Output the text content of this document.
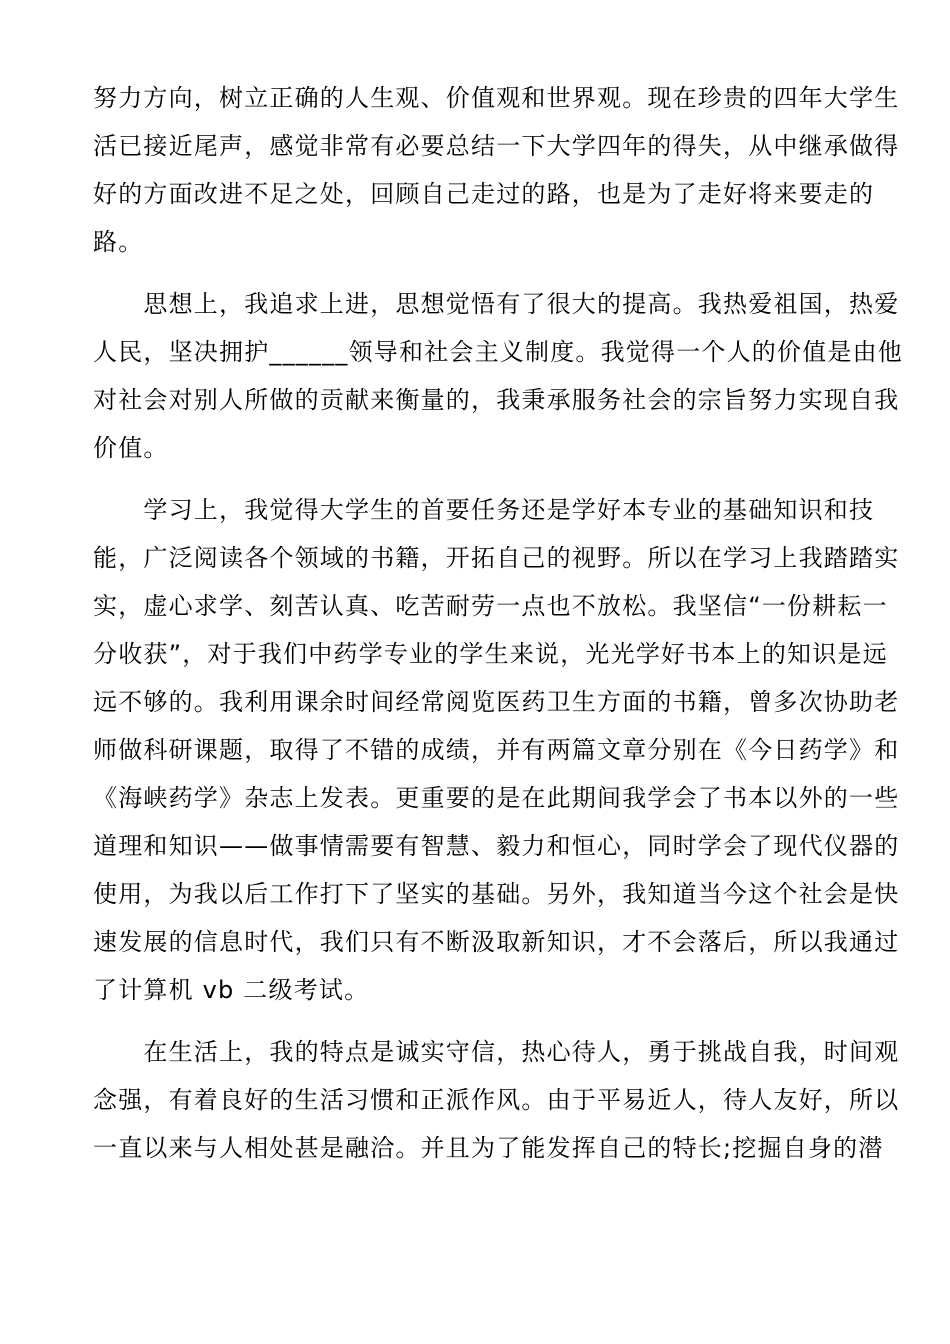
努力方向，树立正确的人生观、价值观和世界观。现在珍贵的四年大学生
活已接近尾声，感觉非常有必要总结一下大学四年的得失，从中继承做得
好的方面改进不足之处，回顾自己走过的路，也是为了走好将来要走的
路。
　　思想上，我追求上进，思想觉悟有了很大的提高。我热爱祖国，热爱
人民，坚决拥护______领导和社会主义制度。我觉得一个人的价值是由他
对社会对别人所做的贡献来衡量的，我秉承服务社会的宗旨努力实现自我
价值。
　　学习上，我觉得大学生的首要任务还是学好本专业的基础知识和技
能，广泛阅读各个领域的书籍，开拓自己的视野。所以在学习上我踏踏实
实，虚心求学、刻苦认真、吃苦耐劳一点也不放松。我坚信“一份耕耘一
分收获”，对于我们中药学专业的学生来说，光光学好书本上的知识是远
远不够的。我利用课余时间经常阅览医药卫生方面的书籍，曾多次协助老
师做科研课题，取得了不错的成绩，并有两篇文章分别在《今日药学》和
《海峡药学》杂志上发表。更重要的是在此期间我学会了书本以外的一些
道理和知识——做事情需要有智慧、毅力和恒心，同时学会了现代仪器的
使用，为我以后工作打下了坚实的基础。另外，我知道当今这个社会是快
速发展的信息时代，我们只有不断汲取新知识，才不会落后，所以我通过
了计算机 vb 二级考试。
　　在生活上，我的特点是诚实守信，热心待人，勇于挑战自我，时间观
念强，有着良好的生活习惯和正派作风。由于平易近人，待人友好，所以
一直以来与人相处甚是融洽。并且为了能发挥自己的特长;挖掘自身的潜
